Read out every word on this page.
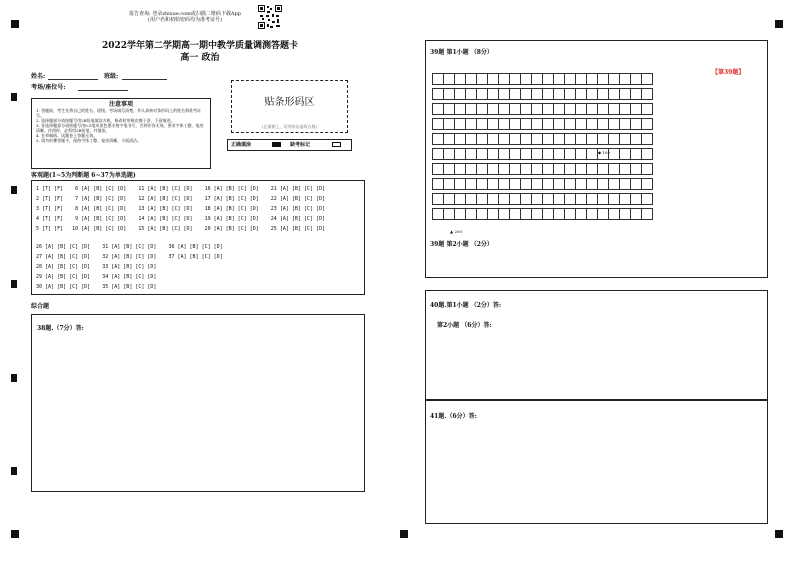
报告查询: 登录zhixue.com或扫描二维码下载App
(用户名和初始密码均为准考证号)
2022学年第二学期高一期中教学质量调测答题卡
高一 政治
姓名:	班级:
考场/座位号:
贴条形码区
(正面朝上，切勿贴出虚线方框)
注意事项
1. 答题前，考生先将自己的姓名、班级、考场填写清楚，并认真核对条形码上的姓名和准考证号。
2. 选择题部分请按题号用2B铅笔填涂方框，修改时用橡皮擦干净，不留痕迹。
3. 非选择题部分请按题号用0.5毫米黑色墨水签字笔书写，否则作答无效。要求字体工整、笔迹清晰。作图时，必须用2B铅笔，并描浓。
4. 在草稿纸、试题卷上答题无效。
5. 请勿折叠答题卡，保持字体工整、笔迹清晰、卡面清洁。
正确填涂	缺考标记
客观题(1~5为判断题 6~37为单选题)
1 [T] [F]    6 [A] [B] [C] [D]    11 [A] [B] [C] [D]    16 [A] [B] [C] [D]    21 [A] [B] [C] [D]
2 [T] [F]    7 [A] [B] [C] [D]    12 [A] [B] [C] [D]    17 [A] [B] [C] [D]    22 [A] [B] [C] [D]
3 [T] [F]    8 [A] [B] [C] [D]    13 [A] [B] [C] [D]    18 [A] [B] [C] [D]    23 [A] [B] [C] [D]
4 [T] [F]    9 [A] [B] [C] [D]    14 [A] [B] [C] [D]    19 [A] [B] [C] [D]    24 [A] [B] [C] [D]
5 [T] [F]   10 [A] [B] [C] [D]    15 [A] [B] [C] [D]    20 [A] [B] [C] [D]    25 [A] [B] [C] [D]
26 [A] [B] [C] [D]    31 [A] [B] [C] [D]    36 [A] [B] [C] [D]
27 [A] [B] [C] [D]    32 [A] [B] [C] [D]    37 [A] [B] [C] [D]
28 [A] [B] [C] [D]    33 [A] [B] [C] [D]
29 [A] [B] [C] [D]    34 [A] [B] [C] [D]
30 [A] [B] [C] [D]    35 [A] [B] [C] [D]
综合题
38题.（7分）答:
39题 第1小题 （8分）
【第39题】

◆ 100
▲ 200
39题 第2小题 （2分）
40题.第1小题 （2分）答:
第2小题 （6分）答:
41题.（6分）答:
